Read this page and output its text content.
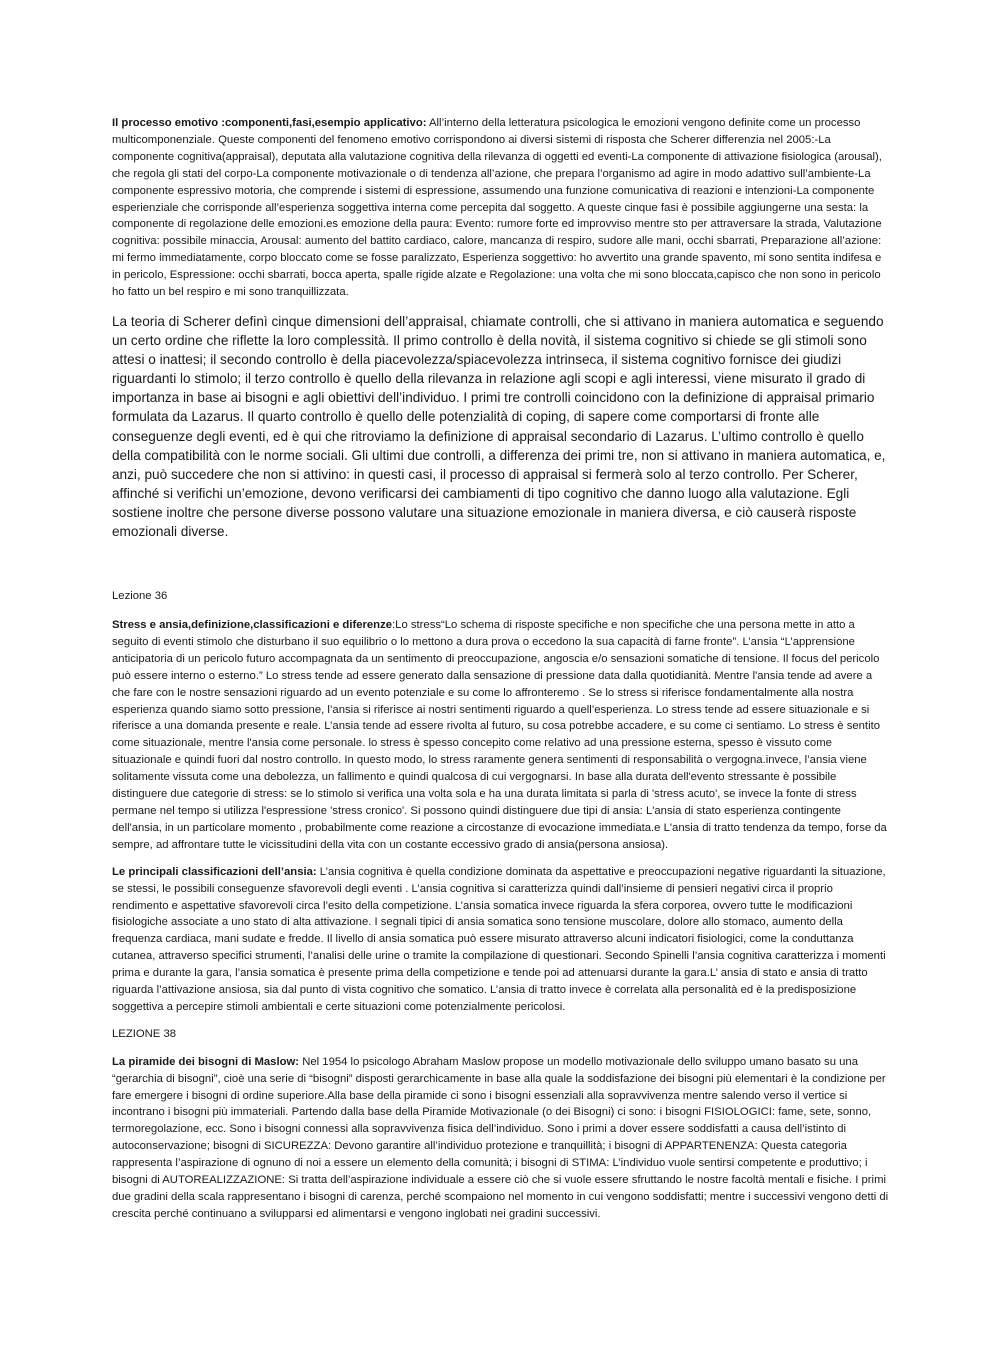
Il processo emotivo :componenti,fasi,esempio applicativo: All’interno della letteratura psicologica le emozioni vengono definite come un processo multicomponenziale. Queste componenti del fenomeno emotivo corrispondono ai diversi sistemi di risposta che Scherer differenzia nel 2005:-La componente cognitiva(appraisal), deputata alla valutazione cognitiva della rilevanza di oggetti ed eventi-La componente di attivazione fisiologica (arousal), che regola gli stati del corpo-La componente motivazionale o di tendenza all’azione, che prepara l’organismo ad agire in modo adattivo sull’ambiente-La componente espressivo motoria, che comprende i sistemi di espressione, assumendo una funzione comunicativa di reazioni e intenzioni-La componente esperienziale che corrisponde all’esperienza soggettiva interna come percepita dal soggetto. A queste cinque fasi è possibile aggiungerne una sesta: la componente di regolazione delle emozioni.es emozione della paura: Evento: rumore forte ed improvviso mentre sto per attraversare la strada, Valutazione cognitiva: possibile minaccia, Arousal: aumento del battito cardiaco, calore, mancanza di respiro, sudore alle mani, occhi sbarrati, Preparazione all’azione: mi fermo immediatamente, corpo bloccato come se fosse paralizzato, Esperienza soggettivo: ho avvertito una grande spavento, mi sono sentita indifesa e in pericolo, Espressione: occhi sbarrati, bocca aperta, spalle rigide alzate e Regolazione: una volta che mi sono bloccata,capisco che non sono in pericolo ho fatto un bel respiro e mi sono tranquillizzata.

La teoria di Scherer definì cinque dimensioni dell’appraisal, chiamate controlli, che si attivano in maniera automatica e seguendo un certo ordine che riflette la loro complessità. Il primo controllo è della novità, il sistema cognitivo si chiede se gli stimoli sono attesi o inattesi; il secondo controllo è della piacevolezza/spiacevolezza intrinseca, il sistema cognitivo fornisce dei giudizi riguardanti lo stimolo; il terzo controllo è quello della rilevanza in relazione agli scopi e agli interessi, viene misurato il grado di importanza in base ai bisogni e agli obiettivi dell’individuo. I primi tre controlli coincidono con la definizione di appraisal primario formulata da Lazarus. Il quarto controllo è quello delle potenzialità di coping, di sapere come comportarsi di fronte alle conseguenze degli eventi, ed è qui che ritroviamo la definizione di appraisal secondario di Lazarus. L’ultimo controllo è quello della compatibilità con le norme sociali. Gli ultimi due controlli, a differenza dei primi tre, non si attivano in maniera automatica, e, anzi, può succedere che non si attivino: in questi casi, il processo di appraisal si fermerà solo al terzo controllo. Per Scherer, affinché si verifichi un’emozione, devono verificarsi dei cambiamenti di tipo cognitivo che danno luogo alla valutazione. Egli sostiene inoltre che persone diverse possono valutare una situazione emozionale in maniera diversa, e ciò causerà risposte emozionali diverse.

Lezione 36

Stress e ansia,definizione,classificazioni e diferenze:Lo stress“Lo schema di risposte specifiche e non specifiche che una persona mette in atto a seguito di eventi stimolo che disturbano il suo equilibrio o lo mettono a dura prova o eccedono la sua capacità di farne fronte”. L’ansia “L’apprensione anticipatoria di un pericolo futuro accompagnata da un sentimento di preoccupazione, angoscia e/o sensazioni somatiche di tensione. Il focus del pericolo può essere interno o esterno.” Lo stress tende ad essere generato dalla sensazione di pressione data dalla quotidianità. Mentre l'ansia tende ad avere a che fare con le nostre sensazioni riguardo ad un evento potenziale e su come lo affronteremo . Se lo stress si riferisce fondamentalmente alla nostra esperienza quando siamo sotto pressione, l’ansia si riferisce ai nostri sentimenti riguardo a quell’esperienza. Lo stress tende ad essere situazionale e si riferisce a una domanda presente e reale. L’ansia tende ad essere rivolta al futuro, su cosa potrebbe accadere, e su come ci sentiamo. Lo stress è sentito come situazionale, mentre l'ansia come personale. lo stress è spesso concepito come relativo ad una pressione esterna, spesso è vissuto come situazionale e quindi fuori dal nostro controllo. In questo modo, lo stress raramente genera sentimenti di responsabilità o vergogna.invece, l’ansia viene solitamente vissuta come una debolezza, un fallimento e quindi qualcosa di cui vergognarsi. In base alla durata dell'evento stressante è possibile distinguere due categorie di stress: se lo stimolo si verifica una volta sola e ha una durata limitata si parla di 'stress acuto', se invece la fonte di stress permane nel tempo si utilizza l'espressione 'stress cronico'. Si possono quindi distinguere due tipi di ansia: L'ansia di stato esperienza contingente dell'ansia, in un particolare momento , probabilmente come reazione a circostanze di evocazione immediata.e L'ansia di tratto tendenza da tempo, forse da sempre, ad affrontare tutte le vicissitudini della vita con un costante eccessivo grado di ansia(persona ansiosa).

Le principali classificazioni dell’ansia: L’ansia cognitiva è quella condizione dominata da aspettative e preoccupazioni negative riguardanti la situazione, se stessi, le possibili conseguenze sfavorevoli degli eventi . L’ansia cognitiva si caratterizza quindi dall’insieme di pensieri negativi circa il proprio rendimento e aspettative sfavorevoli circa l’esito della competizione. L’ansia somatica invece riguarda la sfera corporea, ovvero tutte le modificazioni fisiologiche associate a uno stato di alta attivazione. I segnali tipici di ansia somatica sono tensione muscolare, dolore allo stomaco, aumento della frequenza cardiaca, mani sudate e fredde. Il livello di ansia somatica può essere misurato attraverso alcuni indicatori fisiologici, come la conduttanza cutanea, attraverso specifici strumenti, l’analisi delle urine o tramite la compilazione di questionari. Secondo Spinelli l’ansia cognitiva caratterizza i momenti prima e durante la gara, l’ansia somatica è presente prima della competizione e tende poi ad attenuarsi durante la gara.L’ ansia di stato e ansia di tratto riguarda l’attivazione ansiosa, sia dal punto di vista cognitivo che somatico. L’ansia di tratto invece è correlata alla personalità ed è la predisposizione soggettiva a percepire stimoli ambientali e certe situazioni come potenzialmente pericolosi.

LEZIONE 38

La piramide dei bisogni di Maslow: Nel 1954 lo psicologo Abraham Maslow propose un modello motivazionale dello sviluppo umano basato su una “gerarchia di bisogni”, cioè una serie di “bisogni” disposti gerarchicamente in base alla quale la soddisfazione dei bisogni più elementari è la condizione per fare emergere i bisogni di ordine superiore.Alla base della piramide ci sono i bisogni essenziali alla sopravvivenza mentre salendo verso il vertice si incontrano i bisogni più immateriali. Partendo dalla base della Piramide Motivazionale (o dei Bisogni) ci sono: i bisogni FISIOLOGICI: fame, sete, sonno, termoregolazione, ecc. Sono i bisogni connessi alla sopravvivenza fisica dell’individuo. Sono i primi a dover essere soddisfatti a causa dell’istinto di autoconservazione; bisogni di SICUREZZA: Devono garantire all’individuo protezione e tranquillità; i bisogni di APPARTENENZA: Questa categoria rappresenta l’aspirazione di ognuno di noi a essere un elemento della comunità; i bisogni di STIMA: L’individuo vuole sentirsi competente e produttivo; i bisogni di AUTOREALIZZAZIONE: Si tratta dell’aspirazione individuale a essere ciò che si vuole essere sfruttando le nostre facoltà mentali e fisiche. I primi due gradini della scala rappresentano i bisogni di carenza, perché scompaiono nel momento in cui vengono soddisfatti; mentre i successivi vengono detti di crescita perché continuano a svilupparsi ed alimentarsi e vengono inglobati nei gradini successivi.
